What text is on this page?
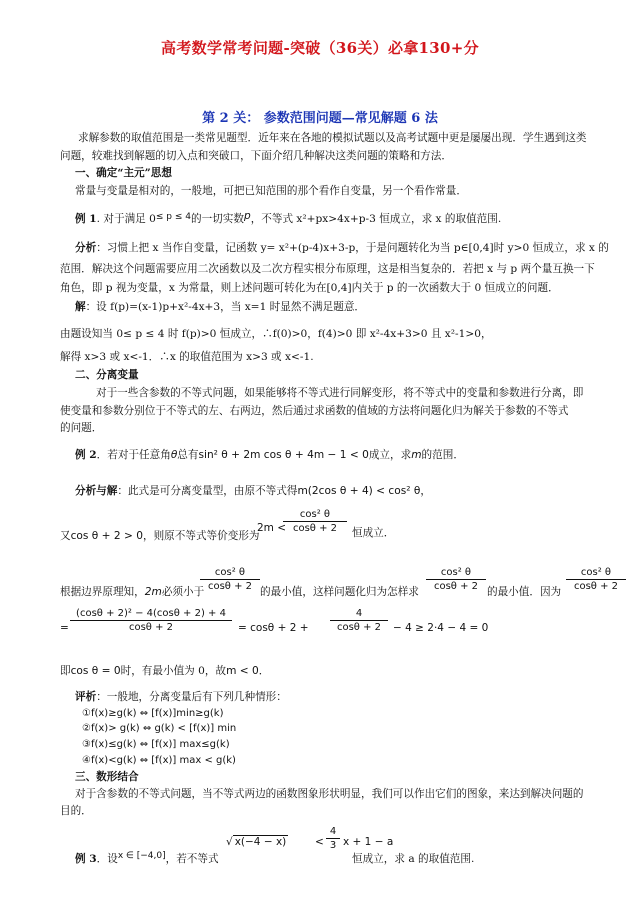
高考数学常考问题-突破（36关）必拿130+分
第 2 关： 参数范围问题—常见解题 6 法
求解参数的取值范围是一类常见题型．近年来在各地的模拟试题以及高考试题中更是屡屡出现．学生遇到这类
问题，较难找到解题的切入点和突破口，下面介绍几种解决这类问题的策略和方法．
一、确定“主元”思想
常量与变量是相对的，一般地，可把已知范围的那个看作自变量，另一个看作常量．
例 1. 对于满足 $0^{\le p \le 4}$的一切实数p，不等式 x²+px>4x+p-3 恒成立，求 x 的取值范围.
分析：习惯上把 x 当作自变量，记函数 y= x²+(p-4)x+3-p，于是问题转化为当 p∈[0,4]时 y>0 恒成立，求 x 的
范围．解决这个问题需要应用二次函数以及二次方程实根分布原理，这是相当复杂的．若把 x 与 p 两个量互换一下
角色，即 p 视为变量，x 为常量，则上述问题可转化为在[0,4]内关于 p 的一次函数大于 0 恒成立的问题．
解：设 f(p)=(x-1)p+x²-4x+3，当 x=1 时显然不满足题意．
由题设知当 0≤ p ≤ 4 时 f(p)>0 恒成立，∴f(0)>0，f(4)>0 即 x²-4x+3>0 且 x²-1>0，
解得 x>3 或 x<-1．∴x 的取值范围为 x>3 或 x<-1.
二、分离变量
对于一些含参数的不等式问题，如果能够将不等式进行同解变形，将不等式中的变量和参数进行分离，即
使变量和参数分别位于不等式的左、右两边，然后通过求函数的值域的方法将问题化归为解关于参数的不等式
的问题．
例 2．若对于任意角θ总有sin² θ + 2m cos θ + 4m − 1 < 0成立，求m的范围．
分析与解：此式是可分离变量型，由原不等式得m(2cos θ + 4) < cos² θ，
又cos θ + 2 > 0，则原不等式等价变形为
2m <
cos² θ
cosθ + 2	恒成立．
根据边界原理知，2m必须小于
cos² θ
cosθ + 2 的最小值，这样问题化归为怎样求
cos² θ
cosθ + 2 的最小值．因为
cos² θ
cosθ + 2
=
(cosθ + 2)² − 4(cosθ + 2) + 4
cosθ + 2	= cosθ + 2 +
4
cosθ + 2	− 4 ≥ 2·4 − 4 = 0
即cos θ = 0时，有最小值为 0，故m < 0．
评析：一般地，分离变量后有下列几种情形：
①f(x)≥g(k) ⇔ [f(x)]min≥g(k)
②f(x)> g(k) ⇔ g(k) < [f(x)] min
③f(x)≤g(k) ⇔ [f(x)] max≤g(k)
④f(x)<g(k) ⇔ [f(x)] max < g(k)
三、数形结合
对于含参数的不等式问题，当不等式两边的函数图象形状明显，我们可以作出它们的图象，来达到解决问题的
目的．
例 3．设$^{x \in [-4,0]}$，若不等式
√ x(−4 − x)	<
4
3 x + 1 − a
恒成立，求 a 的取值范围.
